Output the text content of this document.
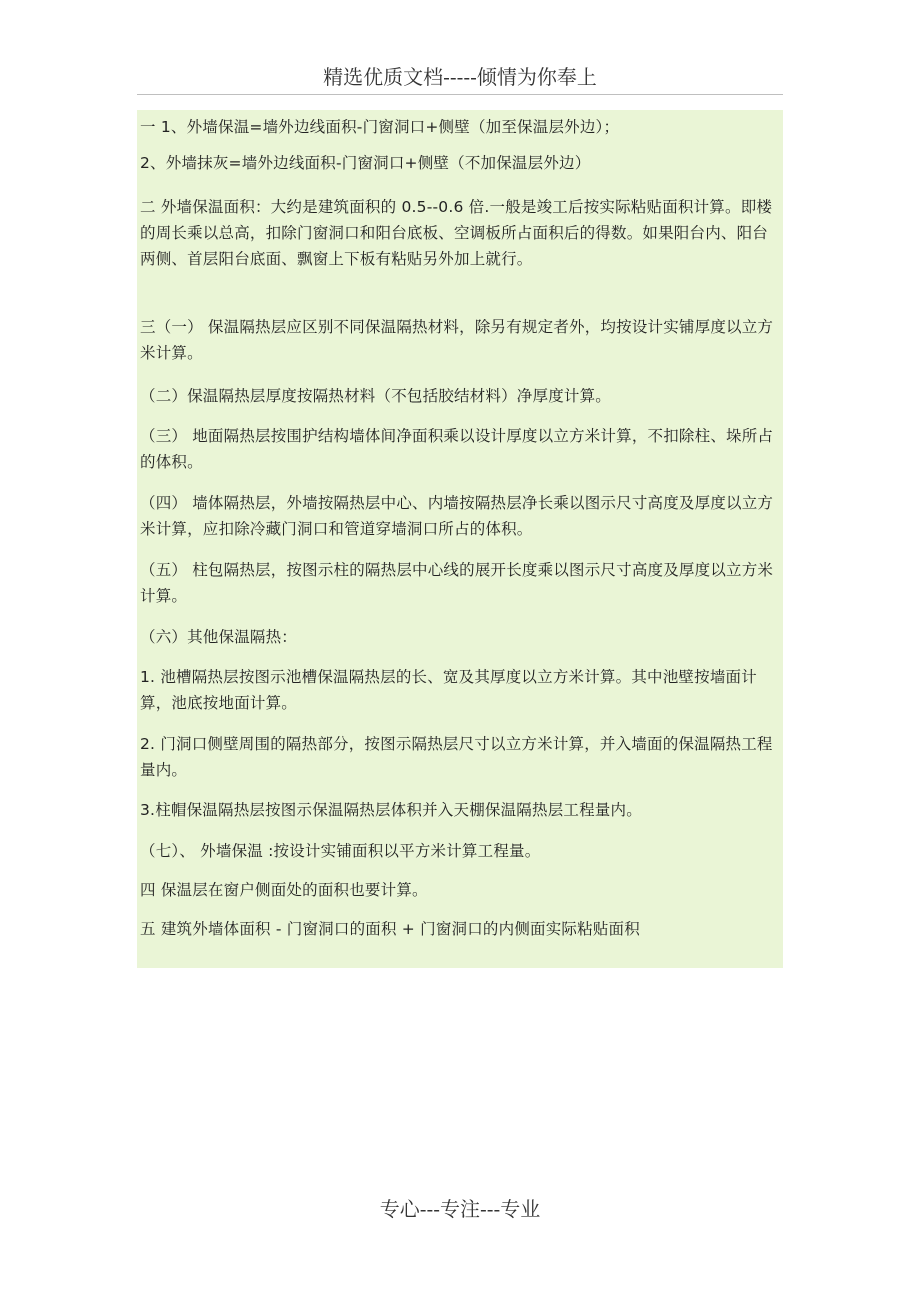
精选优质文档-----倾情为你奉上

一 1、外墙保温=墙外边线面积-门窗洞口+侧壁（加至保温层外边）；

2、外墙抹灰=墙外边线面积-门窗洞口+侧壁（不加保温层外边）

二 外墙保温面积：大约是建筑面积的 0.5--0.6 倍.一般是竣工后按实际粘贴面积计算。即楼的周长乘以总高，扣除门窗洞口和阳台底板、空调板所占面积后的得数。如果阳台内、阳台两侧、首层阳台底面、飘窗上下板有粘贴另外加上就行。

三（一） 保温隔热层应区别不同保温隔热材料，除另有规定者外，均按设计实铺厚度以立方米计算。

（二）保温隔热层厚度按隔热材料（不包括胶结材料）净厚度计算。

（三） 地面隔热层按围护结构墙体间净面积乘以设计厚度以立方米计算，不扣除柱、垛所占的体积。

（四） 墙体隔热层，外墙按隔热层中心、内墙按隔热层净长乘以图示尺寸高度及厚度以立方米计算，应扣除冷藏门洞口和管道穿墙洞口所占的体积。

（五） 柱包隔热层，按图示柱的隔热层中心线的展开长度乘以图示尺寸高度及厚度以立方米计算。

（六）其他保温隔热：

1. 池槽隔热层按图示池槽保温隔热层的长、宽及其厚度以立方米计算。其中池壁按墙面计算，池底按地面计算。

2. 门洞口侧壁周围的隔热部分，按图示隔热层尺寸以立方米计算，并入墙面的保温隔热工程量内。

3.柱帽保温隔热层按图示保温隔热层体积并入天棚保温隔热层工程量内。

（七）、 外墙保温 :按设计实铺面积以平方米计算工程量。

四 保温层在窗户侧面处的面积也要计算。

五 建筑外墙体面积 - 门窗洞口的面积 + 门窗洞口的内侧面实际粘贴面积

专心---专注---专业
